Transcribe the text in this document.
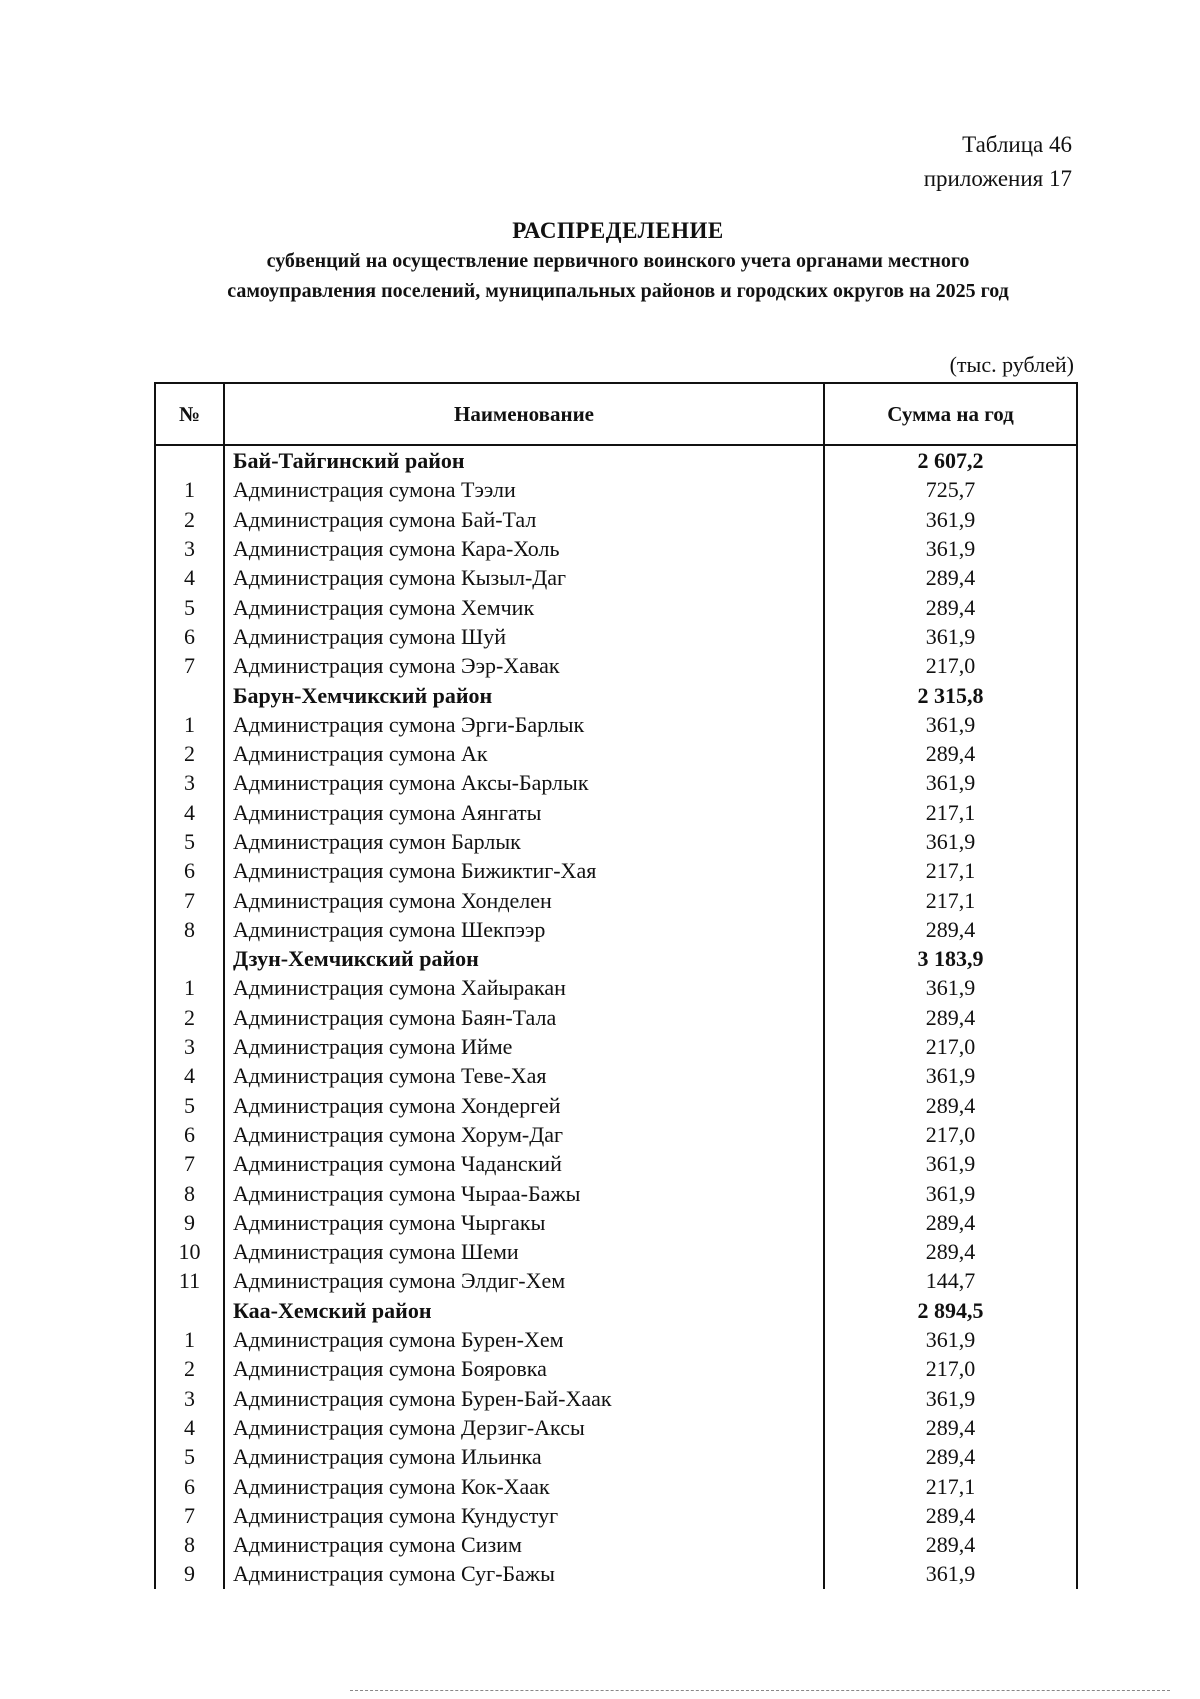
Таблица 46
приложения 17
РАСПРЕДЕЛЕНИЕ
субвенций на осуществление первичного воинского учета органами местного
самоуправления поселений, муниципальных районов и городских округов на 2025 год
(тыс. рублей)
№	Наименование	Сумма на год
	Бай-Тайгинский район	2 607,2
1	Администрация сумона Тээли	725,7
2	Администрация сумона Бай-Тал	361,9
3	Администрация сумона Кара-Холь	361,9
4	Администрация сумона Кызыл-Даг	289,4
5	Администрация сумона Хемчик	289,4
6	Администрация сумона Шуй	361,9
7	Администрация сумона Ээр-Хавак	217,0
	Барун-Хемчикский район	2 315,8
1	Администрация сумона Эрги-Барлык	361,9
2	Администрация сумона Ак	289,4
3	Администрация сумона Аксы-Барлык	361,9
4	Администрация сумона Аянгаты	217,1
5	Администрация сумон Барлык	361,9
6	Администрация сумона Бижиктиг-Хая	217,1
7	Администрация сумона Хонделен	217,1
8	Администрация сумона Шекпээр	289,4
	Дзун-Хемчикский район	3 183,9
1	Администрация сумона Хайыракан	361,9
2	Администрация сумона Баян-Тала	289,4
3	Администрация сумона Ийме	217,0
4	Администрация сумона Теве-Хая	361,9
5	Администрация сумона Хондергей	289,4
6	Администрация сумона Хорум-Даг	217,0
7	Администрация сумона Чаданский	361,9
8	Администрация сумона Чыраа-Бажы	361,9
9	Администрация сумона Чыргакы	289,4
10	Администрация сумона Шеми	289,4
11	Администрация сумона Элдиг-Хем	144,7
	Каа-Хемский район	2 894,5
1	Администрация сумона Бурен-Хем	361,9
2	Администрация сумона Бояровка	217,0
3	Администрация сумона Бурен-Бай-Хаак	361,9
4	Администрация сумона Дерзиг-Аксы	289,4
5	Администрация сумона Ильинка	289,4
6	Администрация сумона Кок-Хаак	217,1
7	Администрация сумона Кундустуг	289,4
8	Администрация сумона Сизим	289,4
9	Администрация сумона Суг-Бажы	361,9
